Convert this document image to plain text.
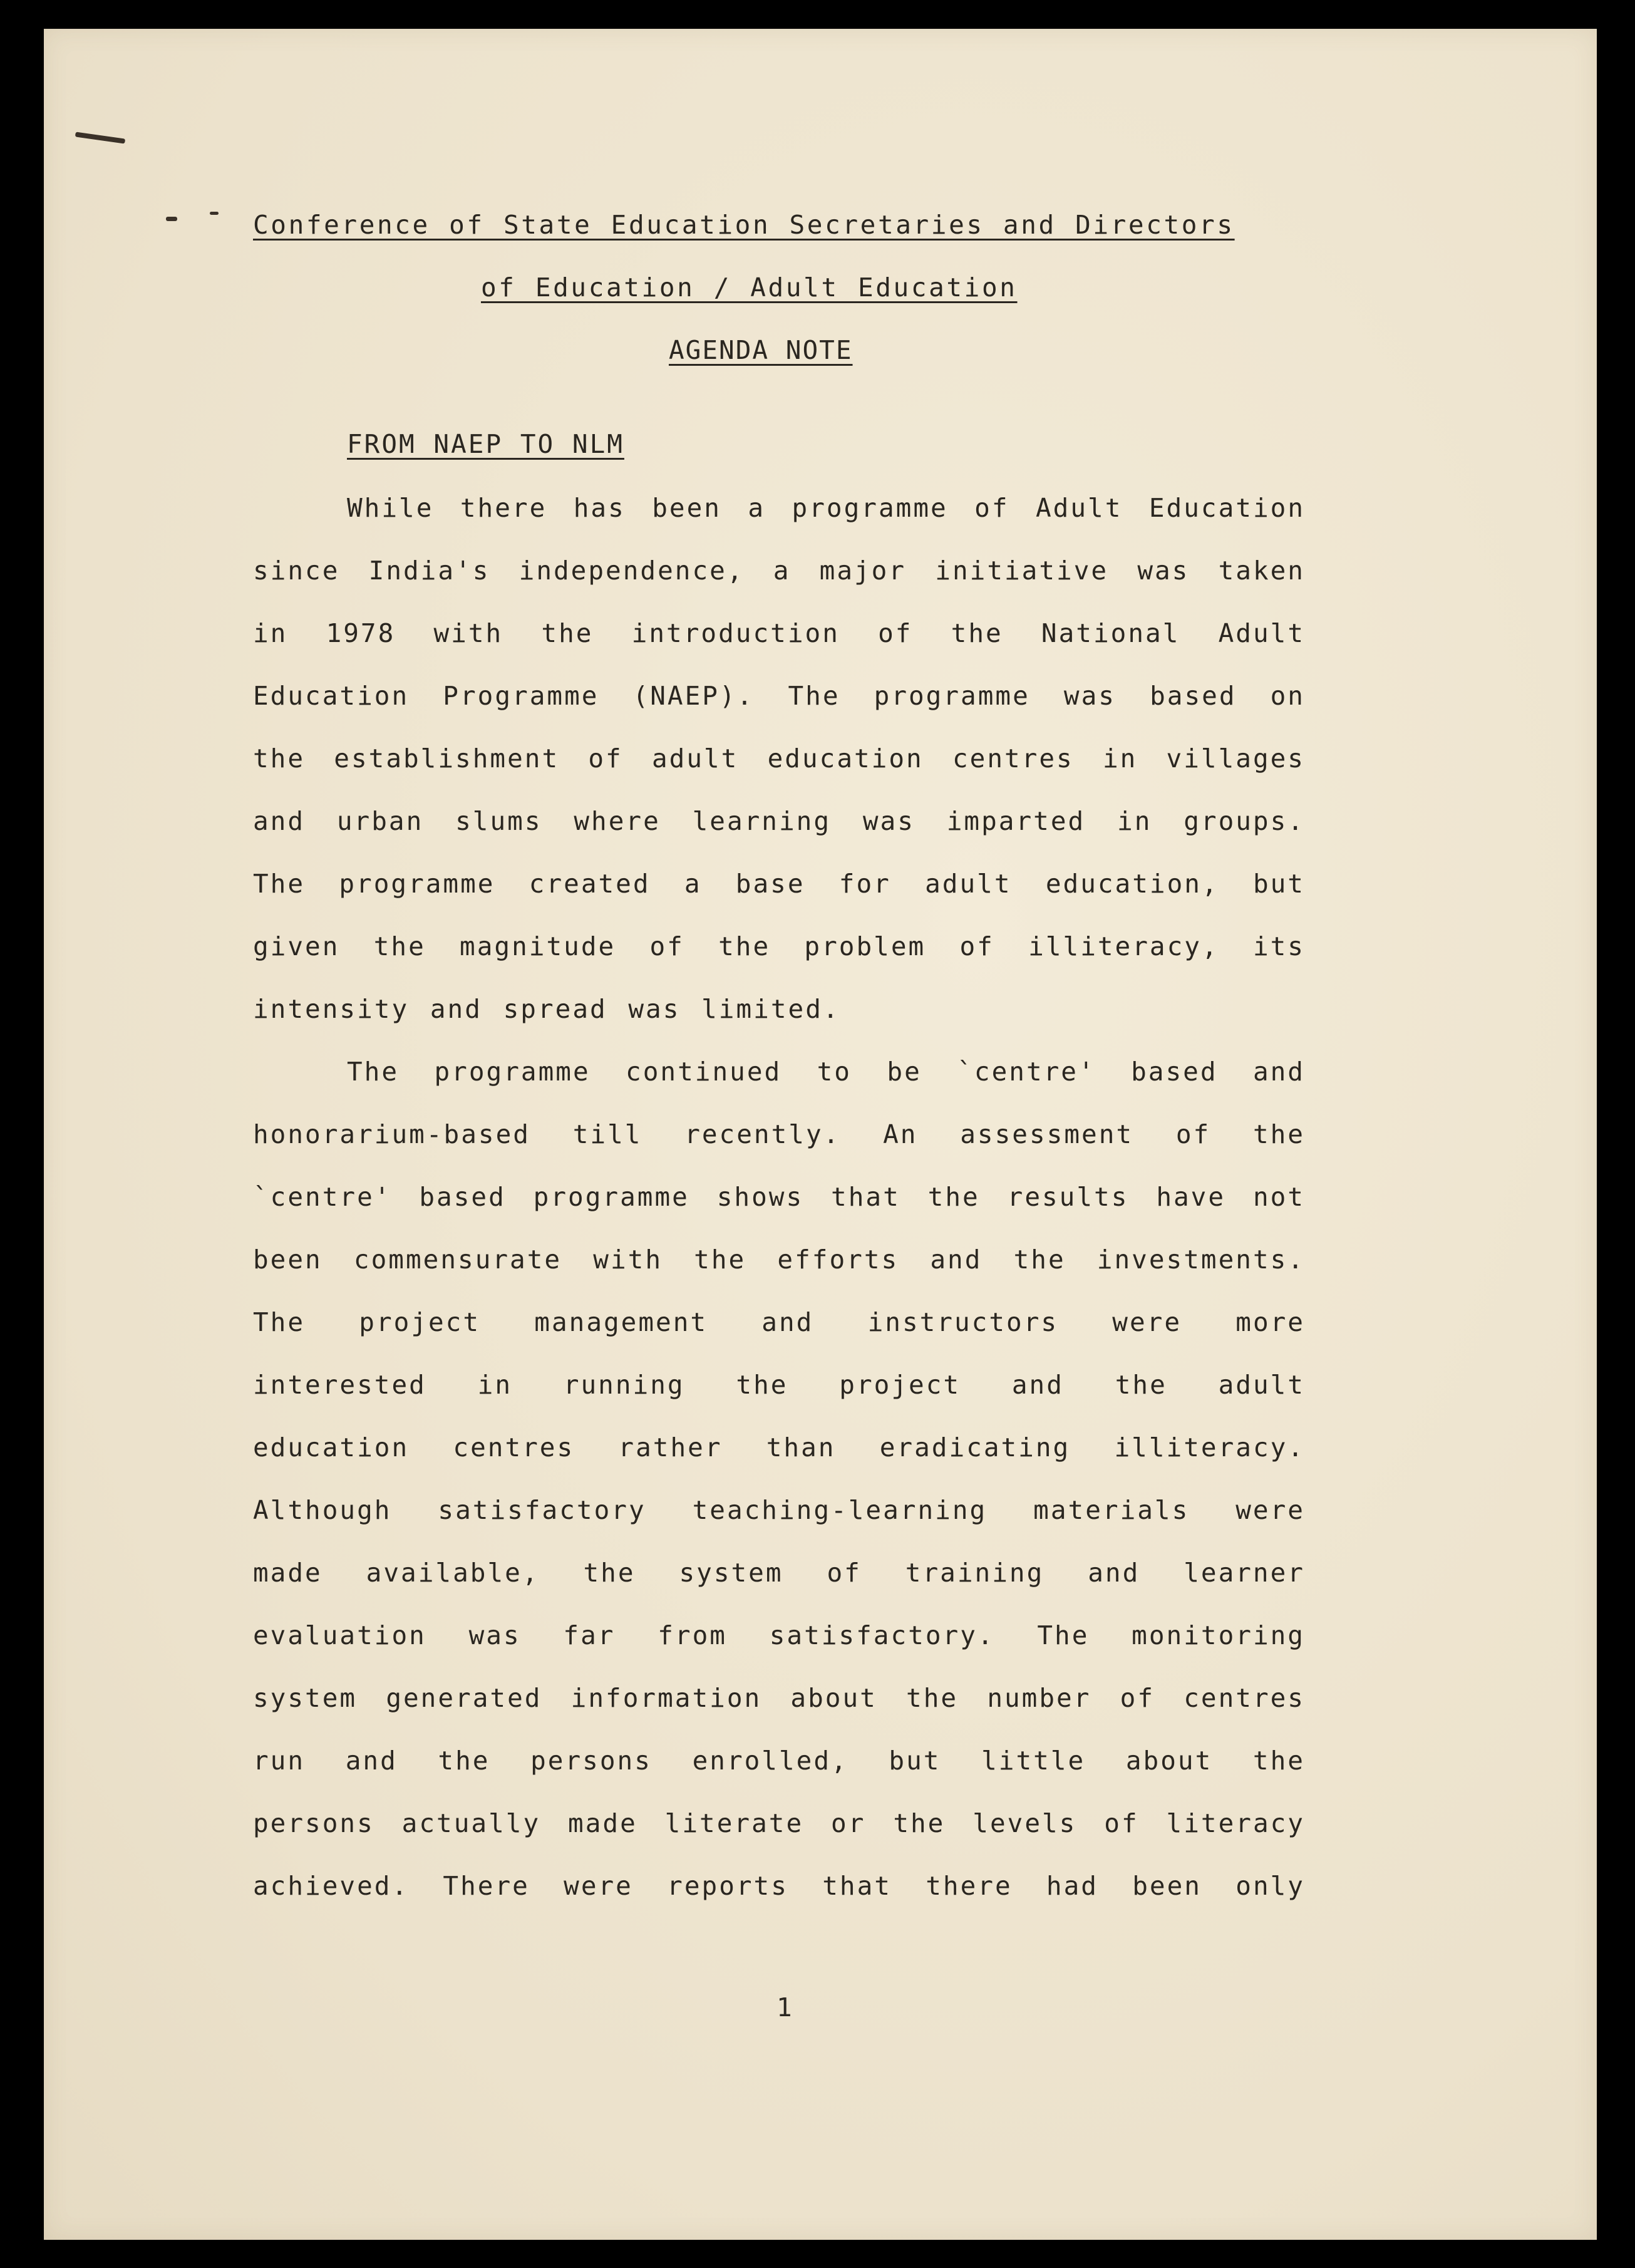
Conference of State Education Secretaries and Directors
of Education / Adult Education
AGENDA NOTE
FROM NAEP TO NLM
While there has been a programme of Adult Education
since India's independence, a major initiative was taken
in 1978 with the introduction of the National Adult
Education Programme (NAEP). The programme was based on
the establishment of adult education centres in villages
and urban slums where learning was imparted in groups.
The programme created a base for adult education, but
given the magnitude of the problem of illiteracy, its
intensity and spread was limited.
The programme continued to be `centre' based and
honorarium-based till recently. An assessment of the
`centre' based programme shows that the results have not
been commensurate with the efforts and the investments.
The project management and instructors were more
interested in running the project and the adult
education centres rather than eradicating illiteracy.
Although satisfactory teaching-learning materials were
made available, the system of training and learner
evaluation was far from satisfactory. The monitoring
system generated information about the number of centres
run and the persons enrolled, but little about the
persons actually made literate or the levels of literacy
achieved. There were reports that there had been only
1
